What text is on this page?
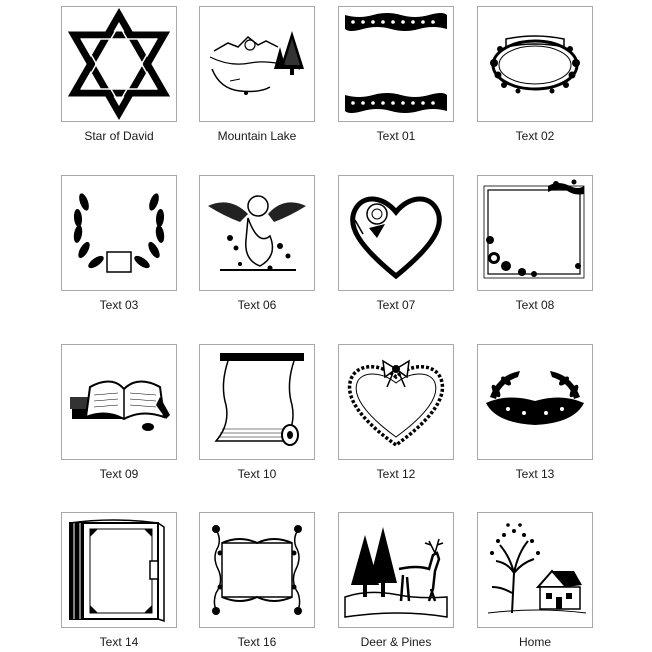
Star of David	Mountain Lake	Text 01	Text 02
Text 03	Text 06	Text 07	Text 08
Text 09	Text 10	Text 12	Text 13
Text 14	Text 16	Deer & Pines	Home
